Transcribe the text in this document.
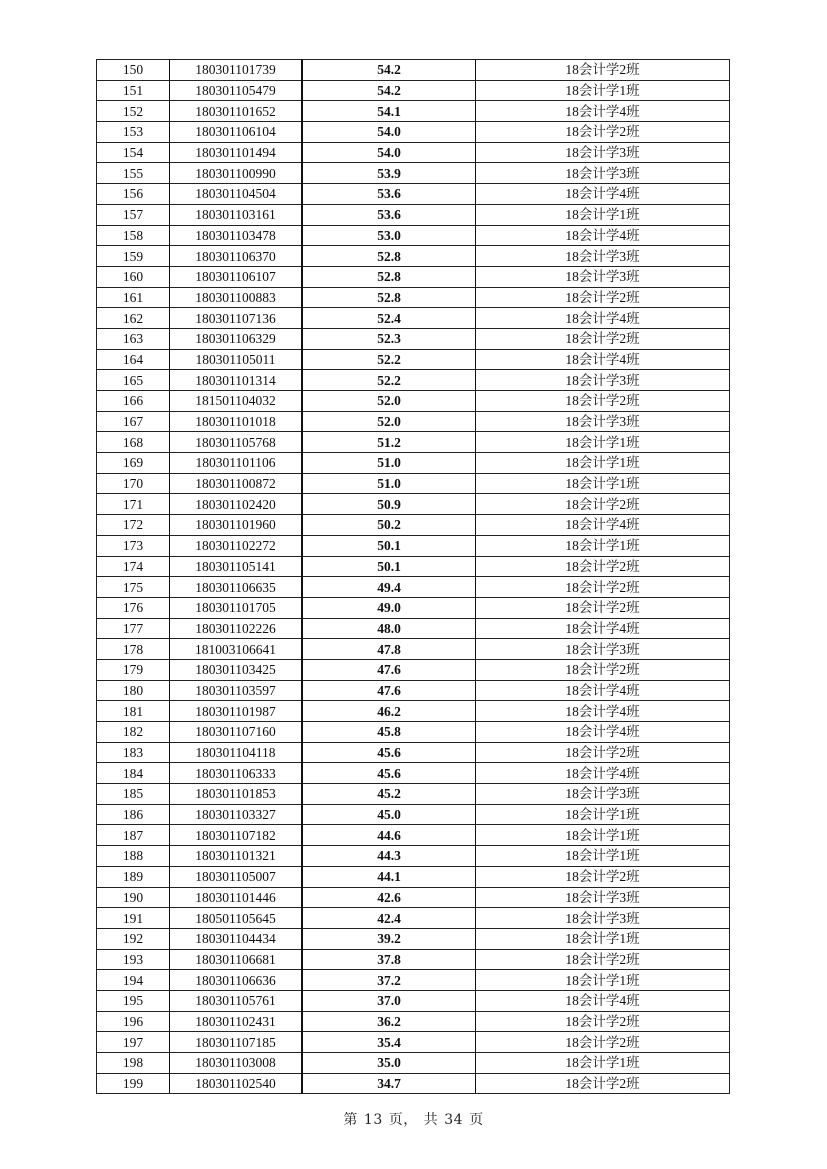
150	180301101739	54.2	18会计学2班
151	180301105479	54.2	18会计学1班
152	180301101652	54.1	18会计学4班
153	180301106104	54.0	18会计学2班
154	180301101494	54.0	18会计学3班
155	180301100990	53.9	18会计学3班
156	180301104504	53.6	18会计学4班
157	180301103161	53.6	18会计学1班
158	180301103478	53.0	18会计学4班
159	180301106370	52.8	18会计学3班
160	180301106107	52.8	18会计学3班
161	180301100883	52.8	18会计学2班
162	180301107136	52.4	18会计学4班
163	180301106329	52.3	18会计学2班
164	180301105011	52.2	18会计学4班
165	180301101314	52.2	18会计学3班
166	181501104032	52.0	18会计学2班
167	180301101018	52.0	18会计学3班
168	180301105768	51.2	18会计学1班
169	180301101106	51.0	18会计学1班
170	180301100872	51.0	18会计学1班
171	180301102420	50.9	18会计学2班
172	180301101960	50.2	18会计学4班
173	180301102272	50.1	18会计学1班
174	180301105141	50.1	18会计学2班
175	180301106635	49.4	18会计学2班
176	180301101705	49.0	18会计学2班
177	180301102226	48.0	18会计学4班
178	181003106641	47.8	18会计学3班
179	180301103425	47.6	18会计学2班
180	180301103597	47.6	18会计学4班
181	180301101987	46.2	18会计学4班
182	180301107160	45.8	18会计学4班
183	180301104118	45.6	18会计学2班
184	180301106333	45.6	18会计学4班
185	180301101853	45.2	18会计学3班
186	180301103327	45.0	18会计学1班
187	180301107182	44.6	18会计学1班
188	180301101321	44.3	18会计学1班
189	180301105007	44.1	18会计学2班
190	180301101446	42.6	18会计学3班
191	180501105645	42.4	18会计学3班
192	180301104434	39.2	18会计学1班
193	180301106681	37.8	18会计学2班
194	180301106636	37.2	18会计学1班
195	180301105761	37.0	18会计学4班
196	180301102431	36.2	18会计学2班
197	180301107185	35.4	18会计学2班
198	180301103008	35.0	18会计学1班
199	180301102540	34.7	18会计学2班
第 13 页， 共 34 页
